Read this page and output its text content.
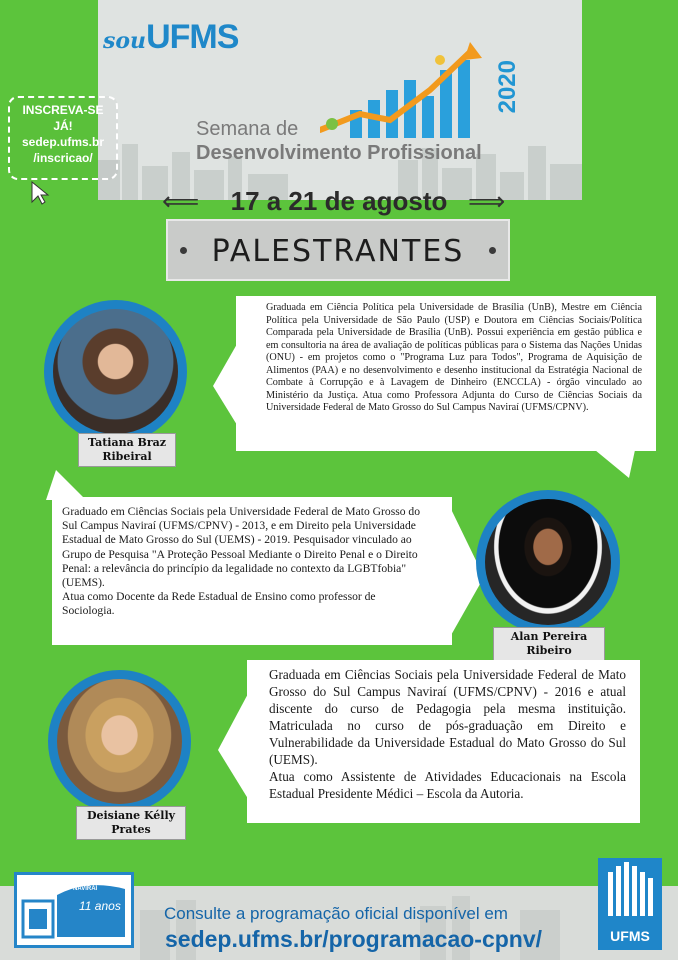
souUFMS
2020
Semana de
Desenvolvimento Profissional
⟸	17 a 21 de agosto ⟹
PALESTRANTES
INSCREVA-SE
JÁ!
sedep.ufms.br
/inscricao/
Graduada em Ciência Política pela Universidade de Brasília (UnB), Mestre em Ciência Política pela Universidade de São Paulo (USP) e Doutora em Ciências Sociais/Política Comparada pela Universidade de Brasília (UnB). Possui experiência em gestão pública e em consultoria na área de avaliação de políticas públicas para o Sistema das Nações Unidas (ONU) - em projetos como o "Programa Luz para Todos", Programa de Aquisição de Alimentos (PAA) e no desenvolvimento e desenho institucional da Estratégia Nacional de Combate à Corrupção e à Lavagem de Dinheiro (ENCCLA) - órgão vinculado ao Ministério da Justiça. Atua como Professora Adjunta do Curso de Ciências Sociais da Universidade Federal de Mato Grosso do Sul Campus Naviraí (UFMS/CPNV).
Tatiana Braz
Ribeiral
Graduado em Ciências Sociais pela Universidade Federal de Mato Grosso do Sul Campus Naviraí (UFMS/CPNV) - 2013, e em Direito pela Universidade Estadual de Mato Grosso do Sul (UEMS) - 2019. Pesquisador vinculado ao Grupo de Pesquisa "A Proteção Pessoal Mediante o Direito Penal e o Direito Penal: a relevância do princípio da legalidade no contexto da LGBTfobia" (UEMS).
Atua como Docente da Rede Estadual de Ensino como professor de Sociologia.
Alan Pereira
Ribeiro
Graduada em Ciências Sociais pela Universidade Federal de Mato Grosso do Sul Campus Naviraí (UFMS/CPNV) - 2016 e atual discente do curso de Pedagogia pela mesma instituição. Matriculada no curso de pós-graduação em Direito e Vulnerabilidade da Universidade Estadual do Mato Grosso do Sul (UEMS).
Atua como Assistente de Atividades Educacionais na Escola Estadual Presidente Médici – Escola da Autoria.
Deisiane Kélly
Prates
CAMPUS DE NAVIRAÍ
11 anos	Consulte a programação oficial disponível em
sedep.ufms.br/programacao-cpnv/	UFMS
